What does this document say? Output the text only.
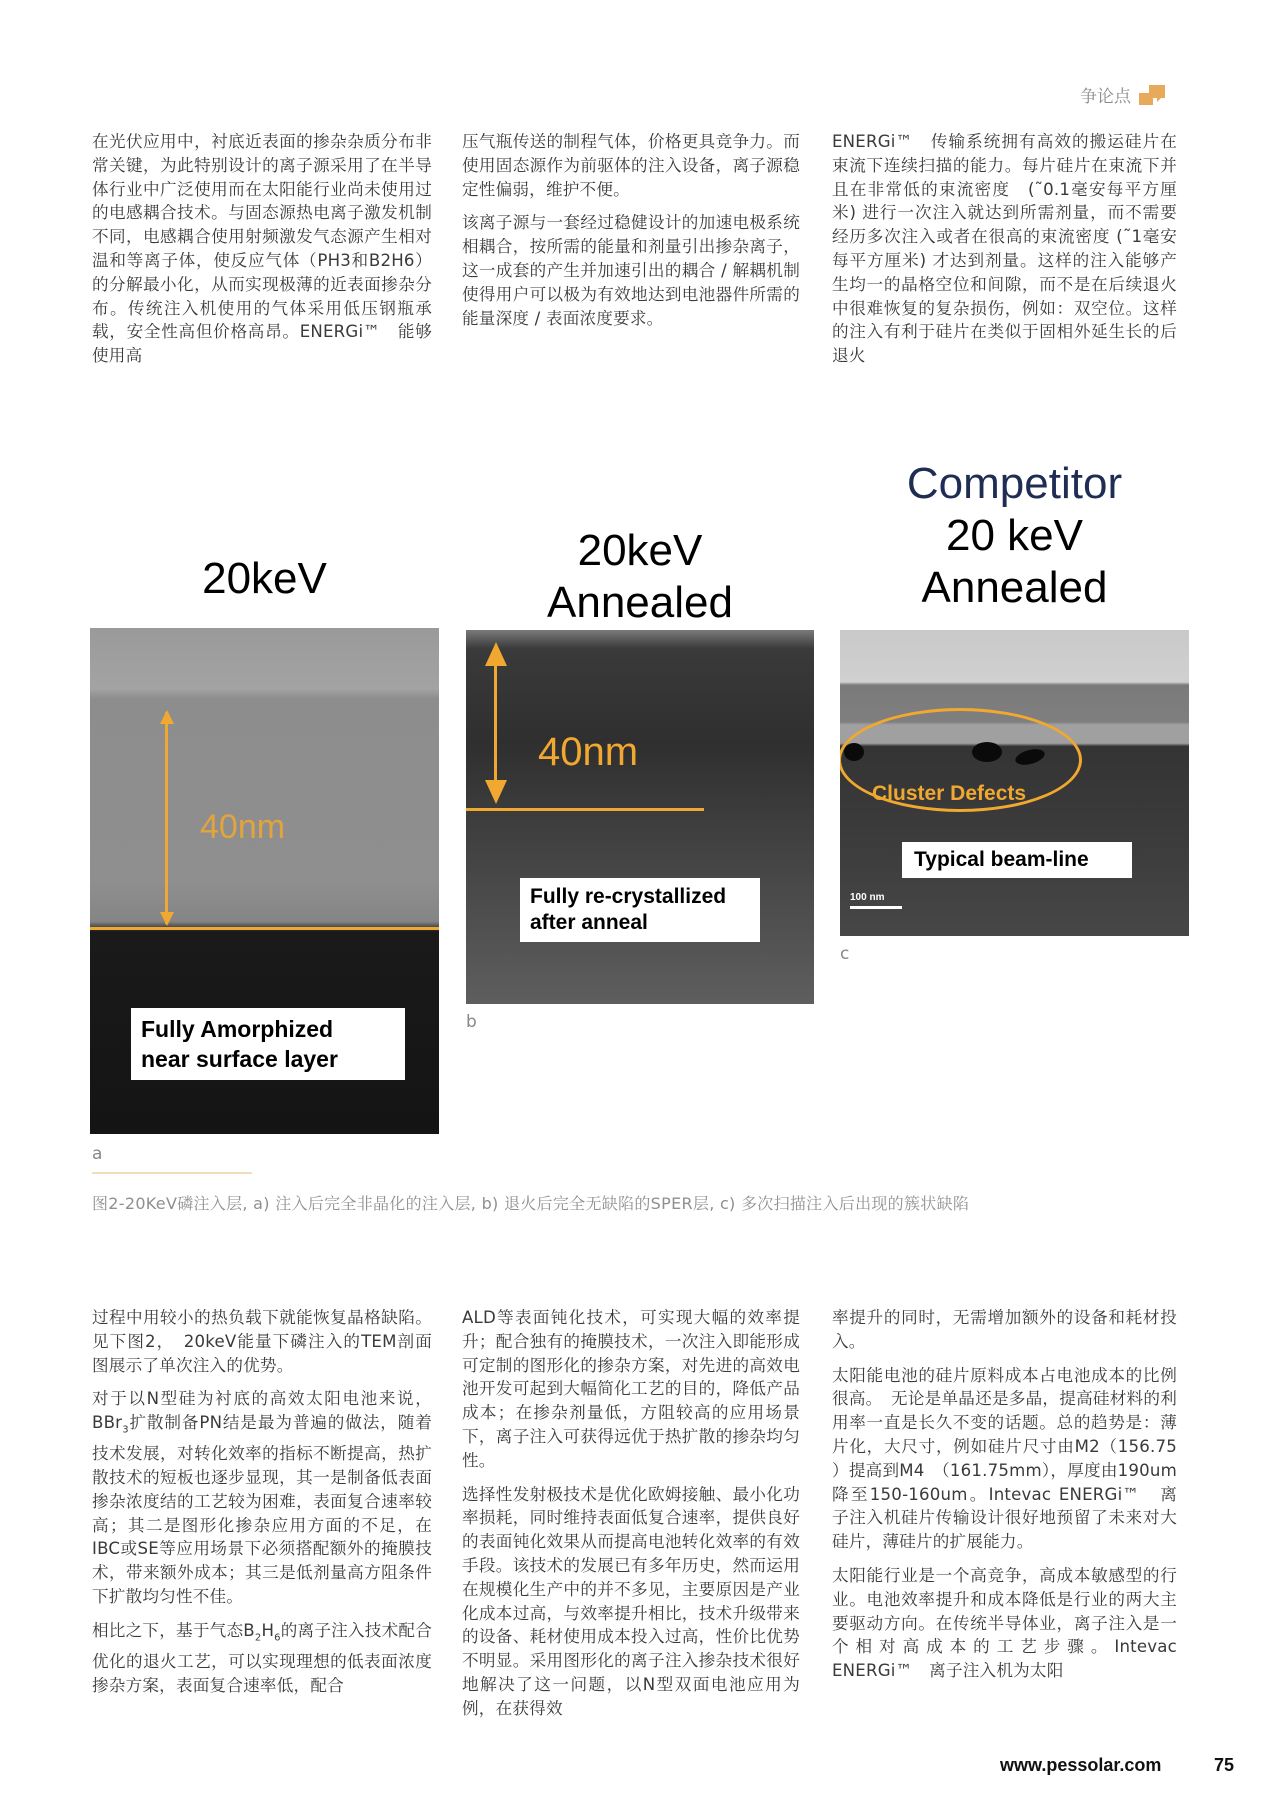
争论点

在光伏应用中，衬底近表面的掺杂杂质分布非常关键，为此特别设计的离子源采用了在半导体行业中广泛使用而在太阳能行业尚未使用过的电感耦合技术。与固态源热电离子激发机制不同，电感耦合使用射频激发气态源产生相对温和等离子体，使反应气体（PH3和B2H6）的分解最小化，从而实现极薄的近表面掺杂分布。传统注入机使用的气体采用低压钢瓶承载，安全性高但价格高昂。ENERGi™　能够使用高

压气瓶传送的制程气体，价格更具竞争力。而使用固态源作为前驱体的注入设备，离子源稳定性偏弱，维护不便。

该离子源与一套经过稳健设计的加速电极系统相耦合，按所需的能量和剂量引出掺杂离子，这一成套的产生并加速引出的耦合 / 解耦机制使得用户可以极为有效地达到电池器件所需的能量深度 / 表面浓度要求。

ENERGi™　传输系统拥有高效的搬运硅片在束流下连续扫描的能力。每片硅片在束流下并且在非常低的束流密度　(˜0.1毫安每平方厘米) 进行一次注入就达到所需剂量，而不需要经历多次注入或者在很高的束流密度 (˜1毫安每平方厘米) 才达到剂量。这样的注入能够产生均一的晶格空位和间隙，而不是在后续退火中很难恢复的复杂损伤，例如：双空位。这样的注入有利于硅片在类似于固相外延生长的后退火

20keV
20keV
Annealed
Competitor
20 keV
Annealed
40nm
Fully Amorphized
near surface layer
a
40nm
Fully re-crystallized
after anneal
b
Cluster Defects
Typical beam-line
100 nm
c
图2-20KeV磷注入层, a) 注入后完全非晶化的注入层, b) 退火后完全无缺陷的SPER层, c) 多次扫描注入后出现的簇状缺陷

过程中用较小的热负载下就能恢复晶格缺陷。见下图2，　20keV能量下磷注入的TEM剖面图展示了单次注入的优势。

对于以N型硅为衬底的高效太阳电池来说，BBr$_3$扩散制备PN结是最为普遍的做法，随着技术发展，对转化效率的指标不断提高，热扩散技术的短板也逐步显现，其一是制备低表面掺杂浓度结的工艺较为困难，表面复合速率较高；其二是图形化掺杂应用方面的不足，在IBC或SE等应用场景下必须搭配额外的掩膜技术，带来额外成本；其三是低剂量高方阻条件下扩散均匀性不佳。

相比之下，基于气态$B_2H_6$的离子注入技术配合优化的退火工艺，可以实现理想的低表面浓度掺杂方案，表面复合速率低，配合

ALD等表面钝化技术，可实现大幅的效率提升；配合独有的掩膜技术，一次注入即能形成可定制的图形化的掺杂方案，对先进的高效电池开发可起到大幅简化工艺的目的，降低产品成本；在掺杂剂量低，方阻较高的应用场景下，离子注入可获得远优于热扩散的掺杂均匀性。

选择性发射极技术是优化欧姆接触、最小化功率损耗，同时维持表面低复合速率，提供良好的表面钝化效果从而提高电池转化效率的有效手段。该技术的发展已有多年历史，然而运用在规模化生产中的并不多见，主要原因是产业化成本过高，与效率提升相比，技术升级带来的设备、耗材使用成本投入过高，性价比优势不明显。采用图形化的离子注入掺杂技术很好地解决了这一问题，以N型双面电池应用为例，在获得效

率提升的同时，无需增加额外的设备和耗材投入。

太阳能电池的硅片原料成本占电池成本的比例很高。　无论是单晶还是多晶，提高硅材料的利用率一直是长久不变的话题。总的趋势是：薄片化，大尺寸，例如硅片尺寸由M2（156.75 ）提高到M4　（161.75mm），厚度由190um　降至150-160um。Intevac ENERGi™　离子注入机硅片传输设计很好地预留了未来对大硅片，薄硅片的扩展能力。

太阳能行业是一个高竞争，高成本敏感型的行业。电池效率提升和成本降低是行业的两大主要驱动方向。在传统半导体业，离子注入是一个相对高成本的工艺步骤。Intevac ENERGi™　离子注入机为太阳

www.pessolar.com	75
